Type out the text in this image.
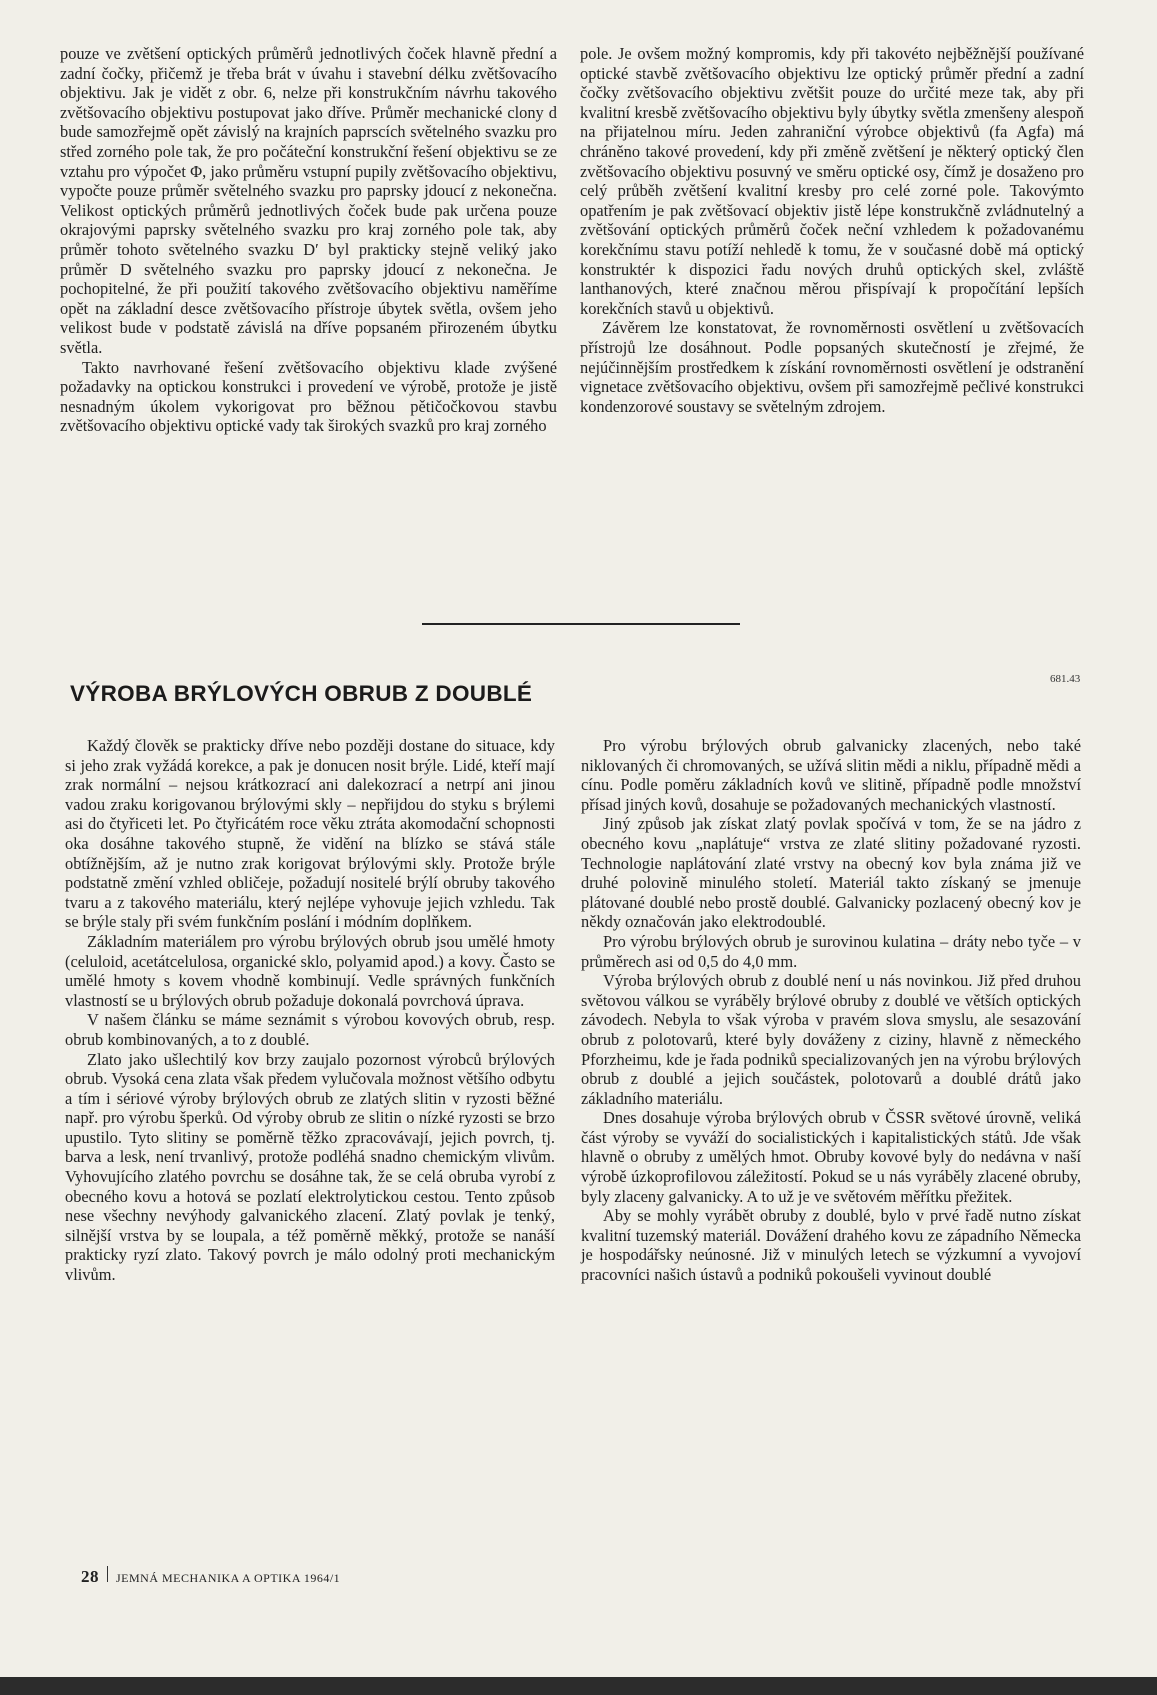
pouze ve zvětšení optických průměrů jednotlivých čoček hlavně přední a zadní čočky, přičemž je třeba brát v úvahu i stavební délku zvětšovacího objektivu. Jak je vidět z obr. 6, nelze při konstrukčním návrhu takového zvětšovacího objektivu postupovat jako dříve. Průměr mechanické clony d bude samozřejmě opět závislý na krajních paprscích světelného svazku pro střed zorného pole tak, že pro počáteční konstrukční řešení objektivu se ze vztahu pro výpočet Φ, jako průměru vstupní pupily zvětšovacího objektivu, vypočte pouze průměr světelného svazku pro paprsky jdoucí z nekonečna. Velikost optických průměrů jednotlivých čoček bude pak určena pouze okrajovými paprsky světelného svazku pro kraj zorného pole tak, aby průměr tohoto světelného svazku D′ byl prakticky stejně veliký jako průměr D světelného svazku pro paprsky jdoucí z nekonečna. Je pochopitelné, že při použití takového zvětšovacího objektivu naměříme opět na základní desce zvětšovacího přístroje úbytek světla, ovšem jeho velikost bude v podstatě závislá na dříve popsaném přirozeném úbytku světla.

Takto navrhované řešení zvětšovacího objektivu klade zvýšené požadavky na optickou konstrukci i provedení ve výrobě, protože je jistě nesnadným úkolem vykorigovat pro běžnou pětičočkovou stavbu zvětšovacího objektivu optické vady tak širokých svazků pro kraj zorného

pole. Je ovšem možný kompromis, kdy při takovéto nejběžnější používané optické stavbě zvětšovacího objektivu lze optický průměr přední a zadní čočky zvětšovacího objektivu zvětšit pouze do určité meze tak, aby při kvalitní kresbě zvětšovacího objektivu byly úbytky světla zmenšeny alespoň na přijatelnou míru. Jeden zahraniční výrobce objektivů (fa Agfa) má chráněno takové provedení, kdy při změně zvětšení je některý optický člen zvětšovacího objektivu posuvný ve směru optické osy, čímž je dosaženo pro celý průběh zvětšení kvalitní kresby pro celé zorné pole. Takovýmto opatřením je pak zvětšovací objektiv jistě lépe konstrukčně zvládnutelný a zvětšování optických průměrů čoček neční vzhledem k požadovanému korekčnímu stavu potíží nehledě k tomu, že v současné době má optický konstruktér k dispozici řadu nových druhů optických skel, zvláště lanthanových, které značnou měrou přispívají k propočítání lepších korekčních stavů u objektivů.

Závěrem lze konstatovat, že rovnoměrnosti osvětlení u zvětšovacích přístrojů lze dosáhnout. Podle popsaných skutečností je zřejmé, že nejúčinnějším prostředkem k získání rovnoměrnosti osvětlení je odstranění vignetace zvětšovacího objektivu, ovšem při samozřejmě pečlivé konstrukci kondenzorové soustavy se světelným zdrojem.

VÝROBA BRÝLOVÝCH OBRUB Z DOUBLÉ
681.43

Každý člověk se prakticky dříve nebo později dostane do situace, kdy si jeho zrak vyžádá korekce, a pak je donucen nosit brýle. Lidé, kteří mají zrak normální – nejsou krátkozrací ani dalekozrací a netrpí ani jinou vadou zraku korigovanou brýlovými skly – nepřijdou do styku s brýlemi asi do čtyřiceti let. Po čtyřicátém roce věku ztráta akomodační schopnosti oka dosáhne takového stupně, že vidění na blízko se stává stále obtížnějším, až je nutno zrak korigovat brýlovými skly. Protože brýle podstatně změní vzhled obličeje, požadují nositelé brýlí obruby takového tvaru a z takového materiálu, který nejlépe vyhovuje jejich vzhledu. Tak se brýle staly při svém funkčním poslání i módním doplňkem.

Základním materiálem pro výrobu brýlových obrub jsou umělé hmoty (celuloid, acetátcelulosa, organické sklo, polyamid apod.) a kovy. Často se umělé hmoty s kovem vhodně kombinují. Vedle správných funkčních vlastností se u brýlových obrub požaduje dokonalá povrchová úprava.

V našem článku se máme seznámit s výrobou kovových obrub, resp. obrub kombinovaných, a to z doublé.

Zlato jako ušlechtilý kov brzy zaujalo pozornost výrobců brýlových obrub. Vysoká cena zlata však předem vylučovala možnost většího odbytu a tím i sériové výroby brýlových obrub ze zlatých slitin v ryzosti běžné např. pro výrobu šperků. Od výroby obrub ze slitin o nízké ryzosti se brzo upustilo. Tyto slitiny se poměrně těžko zpracovávají, jejich povrch, tj. barva a lesk, není trvanlivý, protože podléhá snadno chemickým vlivům. Vyhovujícího zlatého povrchu se dosáhne tak, že se celá obruba vyrobí z obecného kovu a hotová se pozlatí elektrolytickou cestou. Tento způsob nese všechny nevýhody galvanického zlacení. Zlatý povlak je tenký, silnější vrstva by se loupala, a též poměrně měkký, protože se nanáší prakticky ryzí zlato. Takový povrch je málo odolný proti mechanickým vlivům.

Pro výrobu brýlových obrub galvanicky zlacených, nebo také niklovaných či chromovaných, se užívá slitin mědi a niklu, případně mědi a cínu. Podle poměru základních kovů ve slitině, případně podle množství přísad jiných kovů, dosahuje se požadovaných mechanických vlastností.

Jiný způsob jak získat zlatý povlak spočívá v tom, že se na jádro z obecného kovu „naplátuje“ vrstva ze zlaté slitiny požadované ryzosti. Technologie naplátování zlaté vrstvy na obecný kov byla známa již ve druhé polovině minulého století. Materiál takto získaný se jmenuje plátované doublé nebo prostě doublé. Galvanicky pozlacený obecný kov je někdy označován jako elektrodoublé.

Pro výrobu brýlových obrub je surovinou kulatina – dráty nebo tyče – v průměrech asi od 0,5 do 4,0 mm.

Výroba brýlových obrub z doublé není u nás novinkou. Již před druhou světovou válkou se vyráběly brýlové obruby z doublé ve větších optických závodech. Nebyla to však výroba v pravém slova smyslu, ale sesazování obrub z polotovarů, které byly dováženy z ciziny, hlavně z německého Pforzheimu, kde je řada podniků specializovaných jen na výrobu brýlových obrub z doublé a jejich součástek, polotovarů a doublé drátů jako základního materiálu.

Dnes dosahuje výroba brýlových obrub v ČSSR světové úrovně, veliká část výroby se vyváží do socialistických i kapitalistických států. Jde však hlavně o obruby z umělých hmot. Obruby kovové byly do nedávna v naší výrobě úzkoprofilovou záležitostí. Pokud se u nás vyráběly zlacené obruby, byly zlaceny galvanicky. A to už je ve světovém měřítku přežitek.

Aby se mohly vyrábět obruby z doublé, bylo v prvé řadě nutno získat kvalitní tuzemský materiál. Dovážení drahého kovu ze západního Německa je hospodářsky neúnosné. Již v minulých letech se výzkumní a vyvojoví pracovníci našich ústavů a podniků pokoušeli vyvinout doublé

28 JEMNÁ MECHANIKA A OPTIKA 1964/1
